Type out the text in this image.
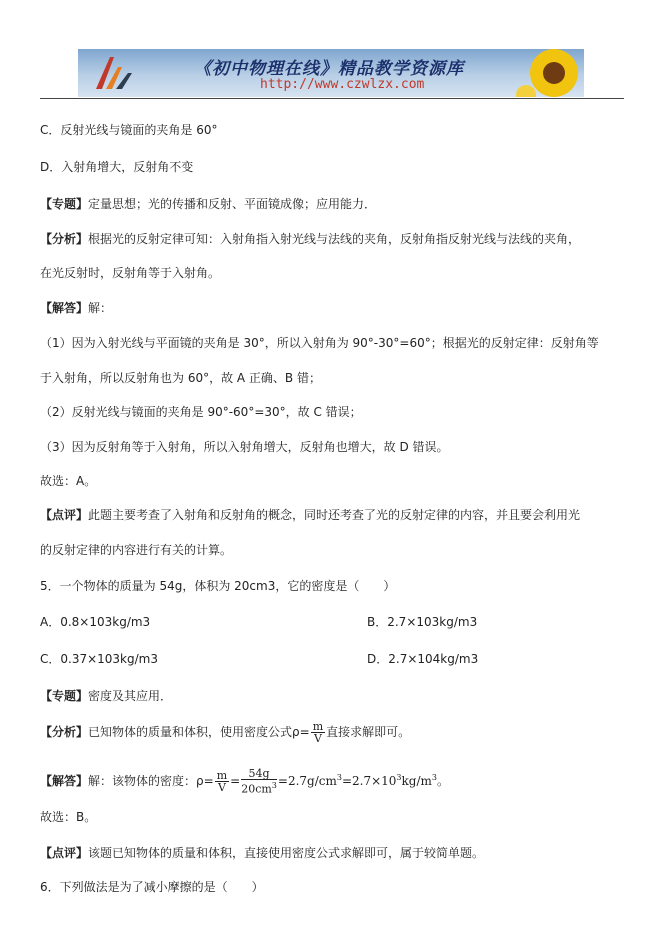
《初中物理在线》精品教学资源库
http://www.czwlzx.com
C．反射光线与镜面的夹角是 60°
D．入射角增大，反射角不变
【专题】定量思想；光的传播和反射、平面镜成像；应用能力．
【分析】根据光的反射定律可知：入射角指入射光线与法线的夹角，反射角指反射光线与法线的夹角，
在光反射时，反射角等于入射角。
【解答】解：
（1）因为入射光线与平面镜的夹角是 30°，所以入射角为 90°-30°=60°；根据光的反射定律：反射角等
于入射角，所以反射角也为 60°，故 A 正确、B 错；
（2）反射光线与镜面的夹角是 90°-60°=30°，故 C 错误；
（3）因为反射角等于入射角，所以入射角增大，反射角也增大，故 D 错误。
故选：A。
【点评】此题主要考查了入射角和反射角的概念，同时还考查了光的反射定律的内容，并且要会利用光
的反射定律的内容进行有关的计算。
5．一个物体的质量为 54g，体积为 20cm3，它的密度是（　　）
A．0.8×103kg/m3	B．2.7×103kg/m3
C．0.37×103kg/m3	D．2.7×104kg/m3
【专题】密度及其应用．
【分析】已知物体的质量和体积，使用密度公式$\rho= \frac{m}{V}$ 直接求解即可。
【解答】解：该物体的密度：$\rho= \frac{m}{V} = \frac{54g}{20cm^3} =2.7g/cm^3=2.7\times 10^3kg/m^3$。
故选：B。
【点评】该题已知物体的质量和体积，直接使用密度公式求解即可，属于较简单题。
6．下列做法是为了减小摩擦的是（　　）
